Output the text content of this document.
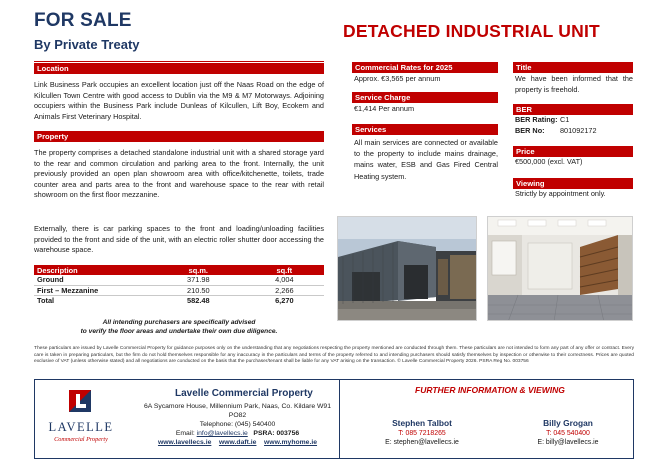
FOR SALE
By Private Treaty
DETACHED INDUSTRIAL UNIT
Location
Link Business Park occupies an excellent location just off the Naas Road on the edge of Kilcullen Town Centre with good access to Dublin via the M9 & M7 Motorways. Adjoining occupiers within the Business Park include Dunleas of Kilcullen, Lift Boy, Ecokem and Animals First Veterinary Hospital.
Property
The property comprises a detached standalone industrial unit with a shared storage yard to the rear and common circulation and parking area to the front. Internally, the unit previously provided an open plan showroom area with office/kitchenette, toilets, trade counter area and parts area to the front and warehouse space to the rear with retail showroom on the first floor mezzanine.
Externally, there is car parking spaces to the front and loading/unloading facilities provided to the front and side of the unit, with an electric roller shutter door accessing the warehouse space.
Description	sq.m.	sq.ft
Ground	371.98	4,004
First – Mezzanine	210.50	2,266
Total	582.48	6,270
All intending purchasers are specifically advised
to verify the floor areas and undertake their own due diligence.
Commercial Rates for 2025
Approx. €3,565 per annum
Service Charge
€1,414 Per annum
Services
All main services are connected or available to the property to include mains drainage, mains water, ESB and Gas Fired Central Heating system.
Title
We have been informed that the property is freehold.
BER
BER Rating: C1
BER No: 801092172
Price
€500,000 (excl. VAT)
Viewing
Strictly by appointment only.
These particulars are issued by Lavelle Commercial Property for guidance purposes only on the understanding that any negotiations respecting the property mentioned are conducted through them. These particulars are not intended to form any part of any offer or contract. Every care is taken in preparing particulars, but the firm do not hold themselves responsible for any inaccuracy in the particulars and terms of the property referred to and intending purchasers should satisfy themselves by inspection or otherwise to their correctness. Prices are quoted exclusive of VAT (unless otherwise stated) and all negotiations are conducted on the basis that the purchaser/tenant shall be liable for any VAT arising on the transaction. © Lavelle Commercial Property 2026. PSRA Reg No. 003756
LAVELLE
Commercial Property
Lavelle Commercial Property
6A Sycamore House, Millennium Park, Naas, Co. Kildare W91 PO82
Telephone: (045) 540400
Email: info@lavellecs.ie PSRA: 003756
www.lavellecs.ie www.daft.ie www.myhome.ie
FURTHER INFORMATION & VIEWING
Stephen Talbot
T: 085 7218265
E: stephen@lavellecs.ie
Billy Grogan
T: 045 540400
E: billy@lavellecs.ie
